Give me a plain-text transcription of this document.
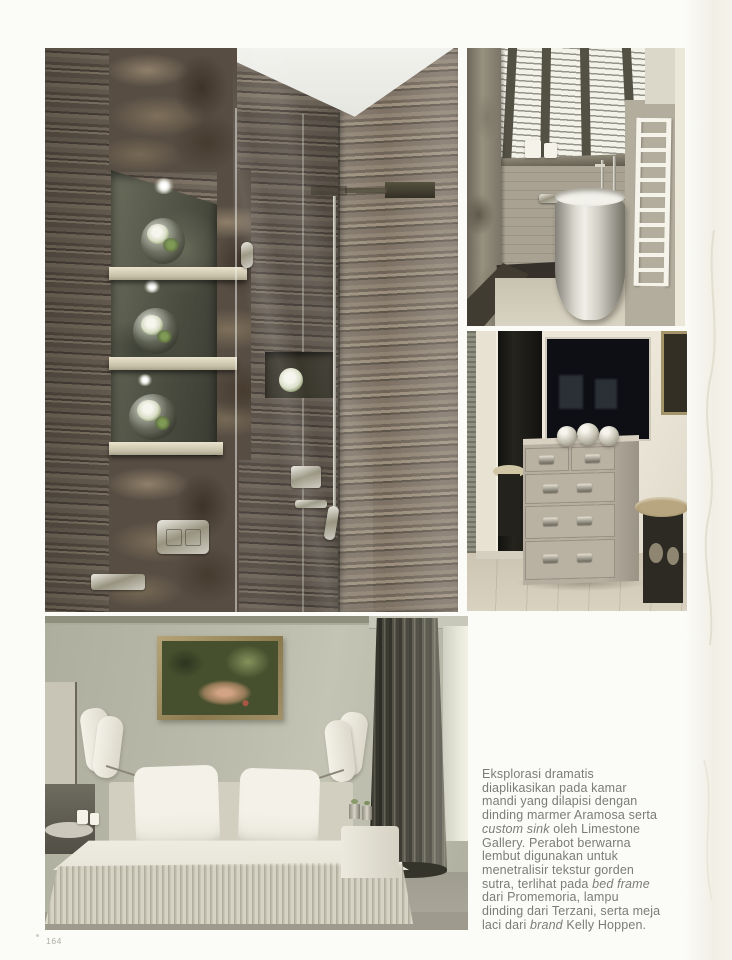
Eksplorasi dramatis
diaplikasikan pada kamar
mandi yang dilapisi dengan
dinding marmer Aramosa serta
custom sink oleh Limestone
Gallery. Perabot berwarna
lembut digunakan untuk
menetralisir tekstur gorden
sutra, terlihat pada bed frame
dari Promemoria, lampu
dinding dari Terzani, serta meja
laci dari brand Kelly Hoppen.
164
